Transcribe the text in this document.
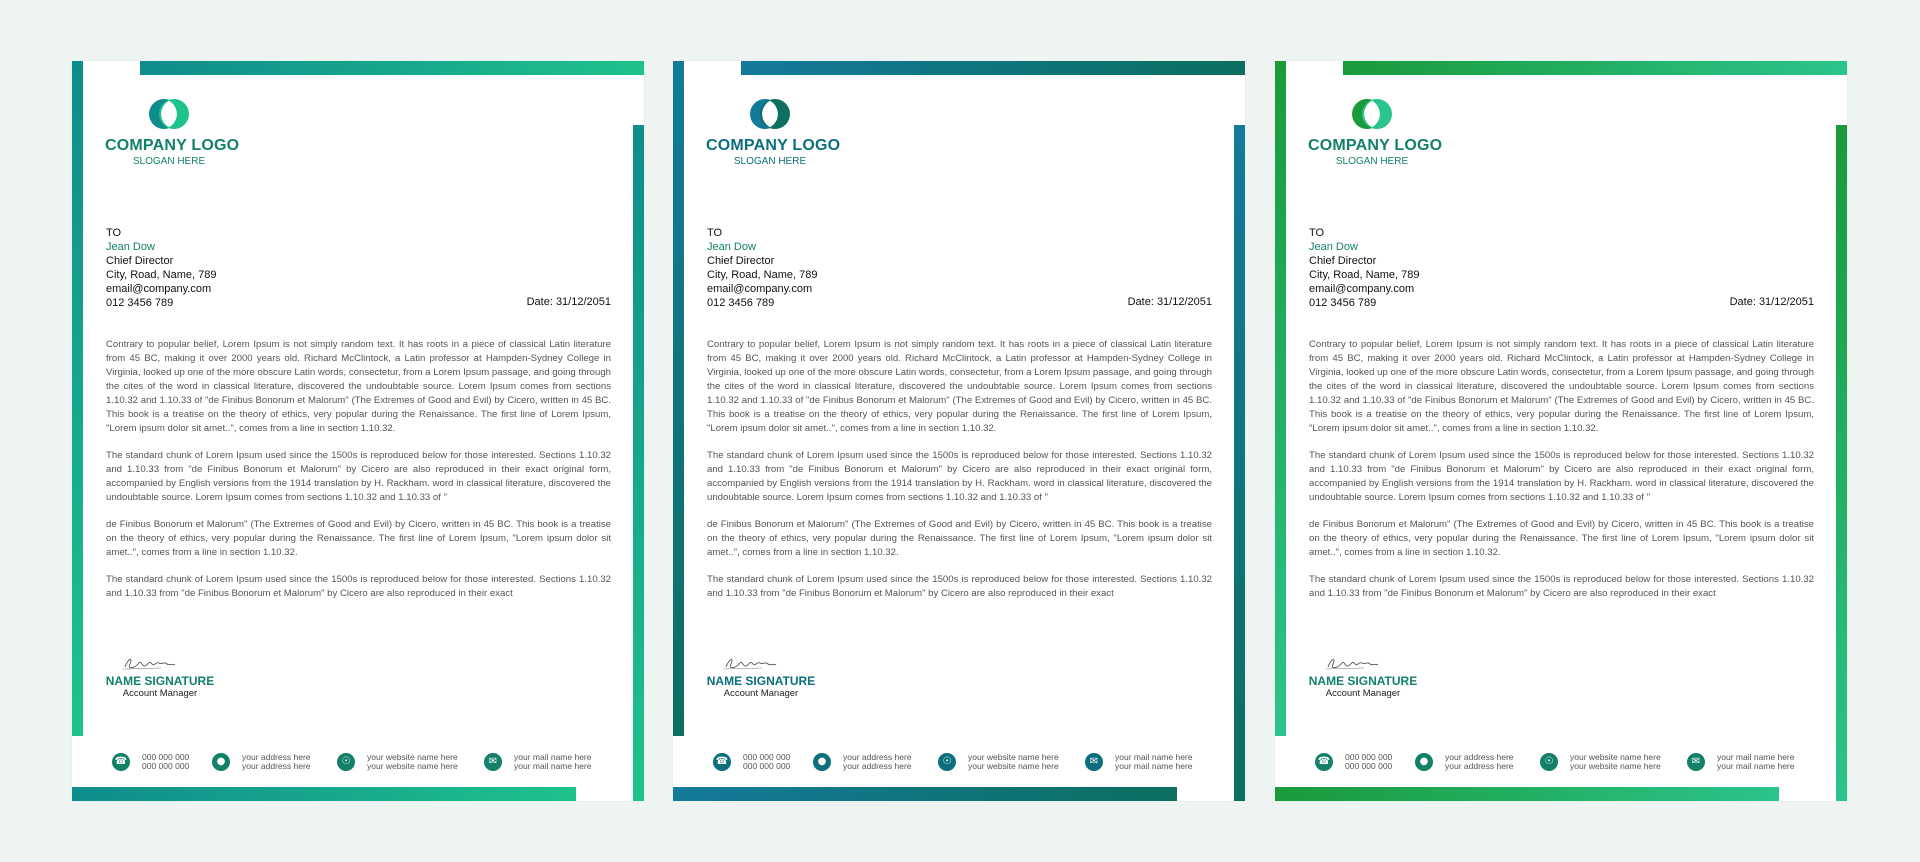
COMPANY LOGO
SLOGAN HERE
TO
Jean Dow
Chief Director
City, Road, Name, 789
email@company.com
012 3456 789	Date: 31/12/2051

Contrary to popular belief, Lorem Ipsum is not simply random text. It has roots in a piece of classical Latin literature from 45 BC, making it over 2000 years old. Richard McClintock, a Latin professor at Hampden-Sydney College in Virginia, looked up one of the more obscure Latin words, consectetur, from a Lorem Ipsum passage, and going through the cites of the word in classical literature, discovered the undoubtable source. Lorem Ipsum comes from sections 1.10.32 and 1.10.33 of "de Finibus Bonorum et Malorum" (The Extremes of Good and Evil) by Cicero, written in 45 BC. This book is a treatise on the theory of ethics, very popular during the Renaissance. The first line of Lorem Ipsum, "Lorem ipsum dolor sit amet..", comes from a line in section 1.10.32.

The standard chunk of Lorem Ipsum used since the 1500s is reproduced below for those interested. Sections 1.10.32 and 1.10.33 from "de Finibus Bonorum et Malorum" by Cicero are also reproduced in their exact original form, accompanied by English versions from the 1914 translation by H. Rackham. word in classical literature, discovered the undoubtable source. Lorem Ipsum comes from sections 1.10.32 and 1.10.33 of "

de Finibus Bonorum et Malorum" (The Extremes of Good and Evil) by Cicero, written in 45 BC. This book is a treatise on the theory of ethics, very popular during the Renaissance. The first line of Lorem Ipsum, "Lorem ipsum dolor sit amet..", comes from a line in section 1.10.32.

The standard chunk of Lorem Ipsum used since the 1500s is reproduced below for those interested. Sections 1.10.32 and 1.10.33 from "de Finibus Bonorum et Malorum" by Cicero are also reproduced in their exact

NAME SIGNATURE
Account Manager
☎	000 000 000
000 000 000	●	your address here
your address here	☉	your website name here
your website name here	✉	your mail name here
your mail name here
COMPANY LOGO
SLOGAN HERE
TO
Jean Dow
Chief Director
City, Road, Name, 789
email@company.com
012 3456 789	Date: 31/12/2051

Contrary to popular belief, Lorem Ipsum is not simply random text. It has roots in a piece of classical Latin literature from 45 BC, making it over 2000 years old. Richard McClintock, a Latin professor at Hampden-Sydney College in Virginia, looked up one of the more obscure Latin words, consectetur, from a Lorem Ipsum passage, and going through the cites of the word in classical literature, discovered the undoubtable source. Lorem Ipsum comes from sections 1.10.32 and 1.10.33 of "de Finibus Bonorum et Malorum" (The Extremes of Good and Evil) by Cicero, written in 45 BC. This book is a treatise on the theory of ethics, very popular during the Renaissance. The first line of Lorem Ipsum, "Lorem ipsum dolor sit amet..", comes from a line in section 1.10.32.

The standard chunk of Lorem Ipsum used since the 1500s is reproduced below for those interested. Sections 1.10.32 and 1.10.33 from "de Finibus Bonorum et Malorum" by Cicero are also reproduced in their exact original form, accompanied by English versions from the 1914 translation by H. Rackham. word in classical literature, discovered the undoubtable source. Lorem Ipsum comes from sections 1.10.32 and 1.10.33 of "

de Finibus Bonorum et Malorum" (The Extremes of Good and Evil) by Cicero, written in 45 BC. This book is a treatise on the theory of ethics, very popular during the Renaissance. The first line of Lorem Ipsum, "Lorem ipsum dolor sit amet..", comes from a line in section 1.10.32.

The standard chunk of Lorem Ipsum used since the 1500s is reproduced below for those interested. Sections 1.10.32 and 1.10.33 from "de Finibus Bonorum et Malorum" by Cicero are also reproduced in their exact

NAME SIGNATURE
Account Manager
☎	000 000 000
000 000 000	●	your address here
your address here	☉	your website name here
your website name here	✉	your mail name here
your mail name here
COMPANY LOGO
SLOGAN HERE
TO
Jean Dow
Chief Director
City, Road, Name, 789
email@company.com
012 3456 789	Date: 31/12/2051

Contrary to popular belief, Lorem Ipsum is not simply random text. It has roots in a piece of classical Latin literature from 45 BC, making it over 2000 years old. Richard McClintock, a Latin professor at Hampden-Sydney College in Virginia, looked up one of the more obscure Latin words, consectetur, from a Lorem Ipsum passage, and going through the cites of the word in classical literature, discovered the undoubtable source. Lorem Ipsum comes from sections 1.10.32 and 1.10.33 of "de Finibus Bonorum et Malorum" (The Extremes of Good and Evil) by Cicero, written in 45 BC. This book is a treatise on the theory of ethics, very popular during the Renaissance. The first line of Lorem Ipsum, "Lorem ipsum dolor sit amet..", comes from a line in section 1.10.32.

The standard chunk of Lorem Ipsum used since the 1500s is reproduced below for those interested. Sections 1.10.32 and 1.10.33 from "de Finibus Bonorum et Malorum" by Cicero are also reproduced in their exact original form, accompanied by English versions from the 1914 translation by H. Rackham. word in classical literature, discovered the undoubtable source. Lorem Ipsum comes from sections 1.10.32 and 1.10.33 of "

de Finibus Bonorum et Malorum" (The Extremes of Good and Evil) by Cicero, written in 45 BC. This book is a treatise on the theory of ethics, very popular during the Renaissance. The first line of Lorem Ipsum, "Lorem ipsum dolor sit amet..", comes from a line in section 1.10.32.

The standard chunk of Lorem Ipsum used since the 1500s is reproduced below for those interested. Sections 1.10.32 and 1.10.33 from "de Finibus Bonorum et Malorum" by Cicero are also reproduced in their exact

NAME SIGNATURE
Account Manager
☎	000 000 000
000 000 000	●	your address here
your address here	☉	your website name here
your website name here	✉	your mail name here
your mail name here
